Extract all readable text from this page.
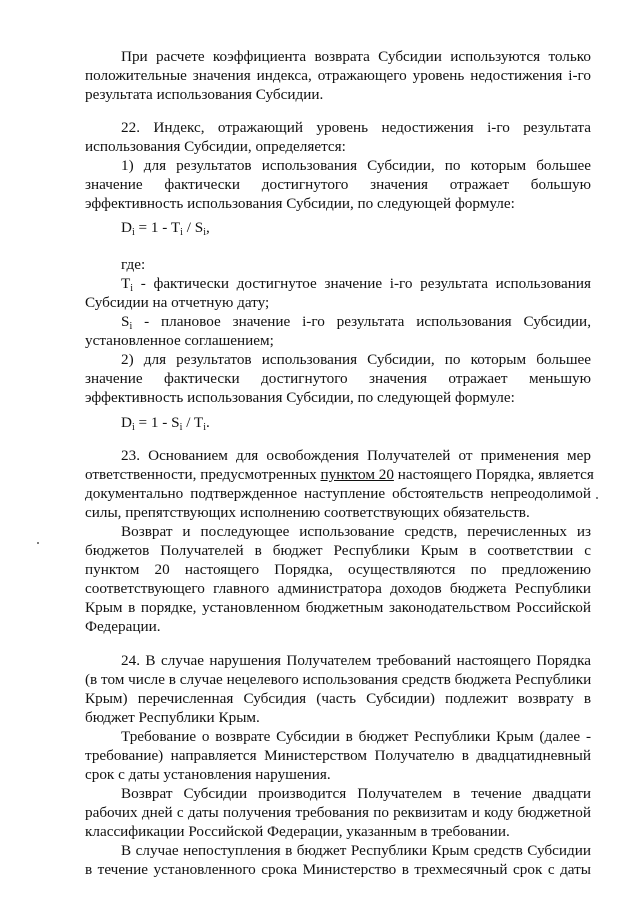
При расчете коэффициента возврата Субсидии используются только
положительные значения индекса, отражающего уровень недостижения i-го
результата использования Субсидии.
22. Индекс, отражающий уровень недостижения i-го результата
использования Субсидии, определяется:
1) для результатов использования Субсидии, по которым большее
значение фактически достигнутого значения отражает большую
эффективность использования Субсидии, по следующей формуле:
$D_i = 1 - T_i / S_i$,
где:
$T_i$ - фактически достигнутое значение i-го результата использования
Субсидии на отчетную дату;
$S_i$ - плановое значение i-го результата использования Субсидии,
установленное соглашением;
2) для результатов использования Субсидии, по которым большее
значение фактически достигнутого значения отражает меньшую
эффективность использования Субсидии, по следующей формуле:
$D_i = 1 - S_i / T_i$.
23. Основанием для освобождения Получателей от применения мер
ответственности, предусмотренных пунктом 20 настоящего Порядка, является
документально подтвержденное наступление обстоятельств непреодолимой
силы, препятствующих исполнению соответствующих обязательств.
Возврат и последующее использование средств, перечисленных из
бюджетов Получателей в бюджет Республики Крым в соответствии с
пунктом 20 настоящего Порядка, осуществляются по предложению
соответствующего главного администратора доходов бюджета Республики
Крым в порядке, установленном бюджетным законодательством Российской
Федерации.
24. В случае нарушения Получателем требований настоящего Порядка
(в том числе в случае нецелевого использования средств бюджета Республики
Крым) перечисленная Субсидия (часть Субсидии) подлежит возврату в
бюджет Республики Крым.
Требование о возврате Субсидии в бюджет Республики Крым (далее -
требование) направляется Министерством Получателю в двадцатидневный
срок с даты установления нарушения.
Возврат Субсидии производится Получателем в течение двадцати
рабочих дней с даты получения требования по реквизитам и коду бюджетной
классификации Российской Федерации, указанным в требовании.
В случае непоступления в бюджет Республики Крым средств Субсидии
в течение установленного срока Министерство в трехмесячный срок с даты
